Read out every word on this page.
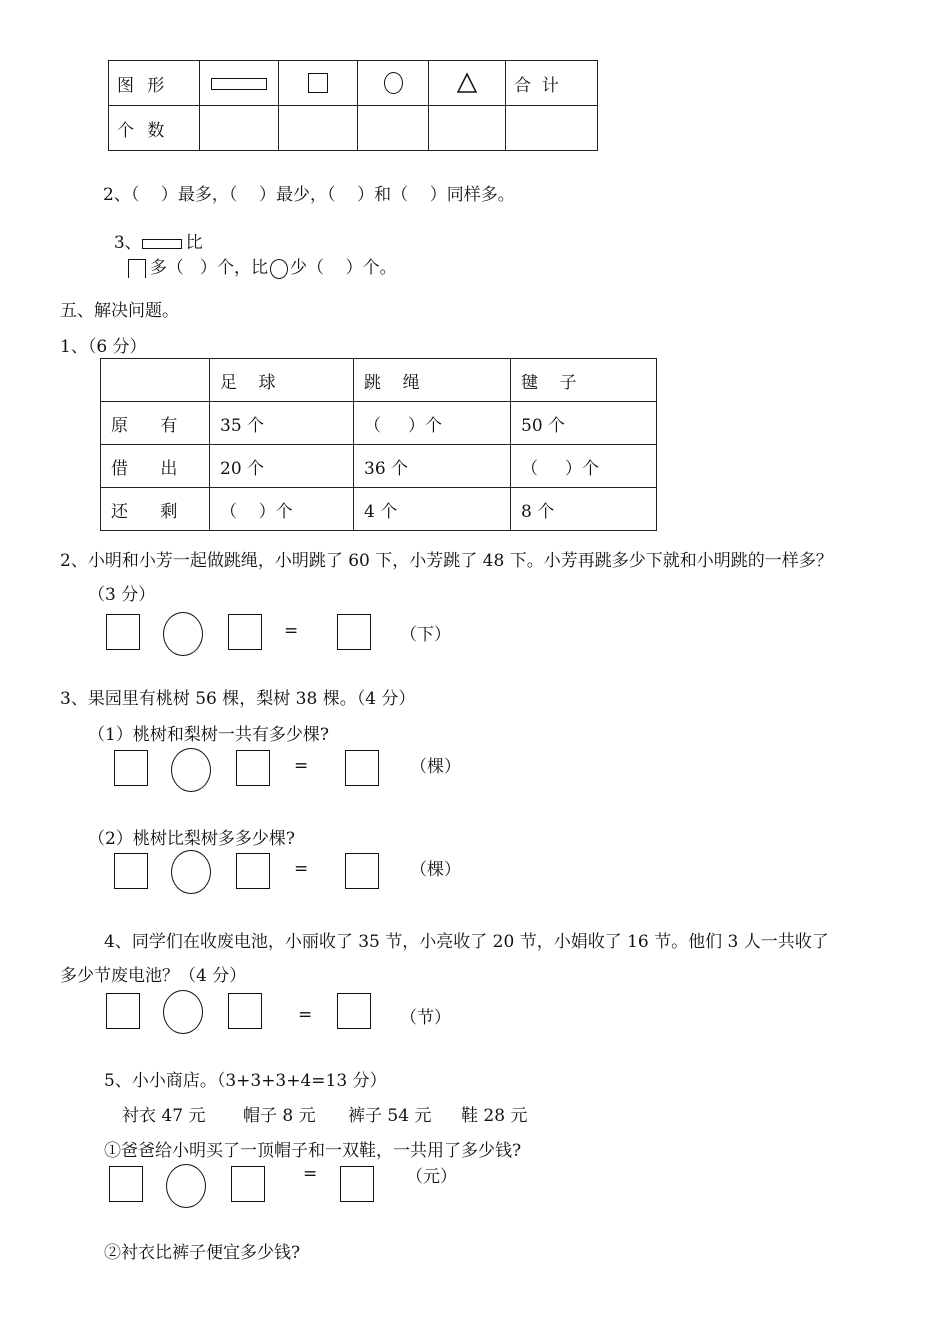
图 形					合  计
个 数					
2、（    ）最多，（    ）最少，（    ）和（    ）同样多。

3、	比
多（   ）个，比 少（    ）个。

五、解决问题。
1、（6 分）
	足    球	跳    绳	毽    子
原      有	35 个	（     ）个	50 个
借      出	20 个	36 个	（     ）个
还      剩	（    ）个	4 个	8 个
2、小明和小芳一起做跳绳，小明跳了 60 下，小芳跳了 48 下。小芳再跳多少下就和小明跳的一样多？
（3 分）
=	（下）
3、果园里有桃树 56 棵，梨树 38 棵。（4 分）
（1）桃树和梨树一共有多少棵?
=	（棵）
（2）桃树比梨树多多少棵?
=	（棵）
4、同学们在收废电池，小丽收了 35 节，小亮收了 20 节，小娟收了 16 节。他们 3 人一共收了
多少节废电池？（4 分）
=	（节）
5、小小商店。（3+3+3+4=13 分）
衬衣 47 元 帽子 8 元 裤子 54 元 鞋 28 元
①爸爸给小明买了一顶帽子和一双鞋，一共用了多少钱?
=	（元）
②衬衣比裤子便宜多少钱?
